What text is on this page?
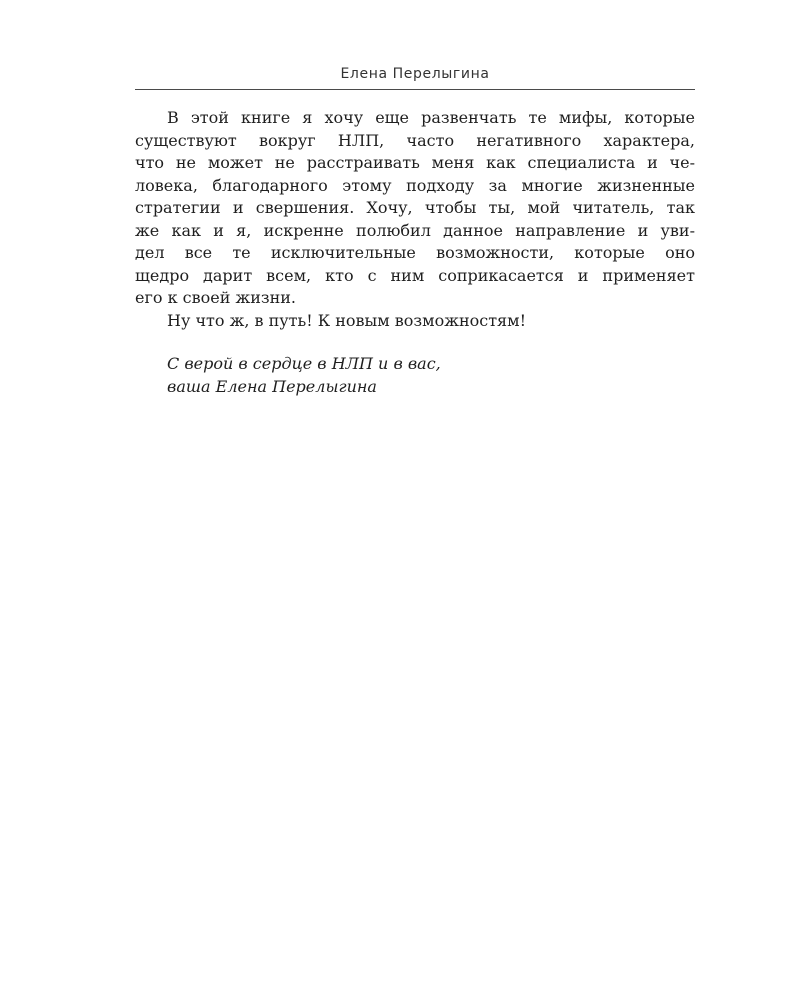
Елена Перелыгина
В этой книге я хочу еще развенчать те мифы, которые
существуют вокруг НЛП, часто негативного характера,
что не может не расстраивать меня как специалиста и че-
ловека, благодарного этому подходу за многие жизненные
стратегии и свершения. Хочу, чтобы ты, мой читатель, так
же как и я, искренне полюбил данное направление и уви-
дел все те исключительные возможности, которые оно
щедро дарит всем, кто с ним соприкасается и применяет
его к своей жизни.
Ну что ж, в путь! К новым возможностям!
С верой в сердце в НЛП и в вас,
ваша Елена Перелыгина
